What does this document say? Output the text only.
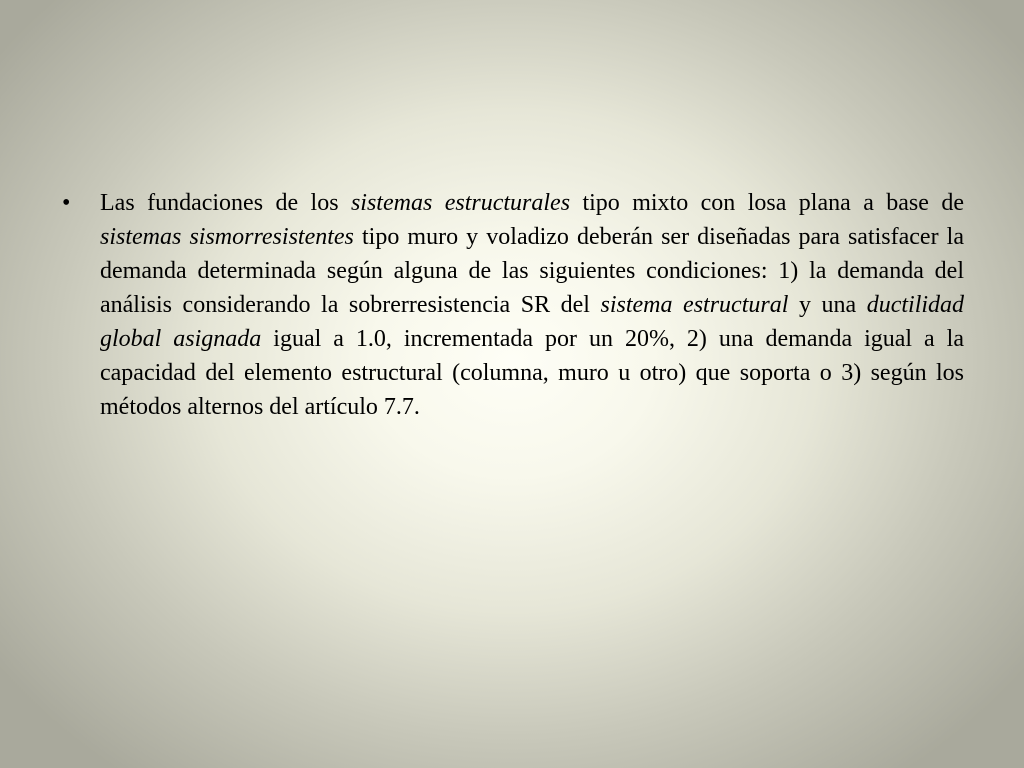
•	Las fundaciones de los sistemas estructurales tipo mixto con losa plana a base de sistemas sismorresistentes tipo muro y voladizo deberán ser diseñadas para satisfacer la demanda determinada según alguna de las siguientes condiciones: 1) la demanda del análisis considerando la sobrerresistencia SR del sistema estructural y una ductilidad global asignada igual a 1.0, incrementada por un 20%, 2) una demanda igual a la capacidad del elemento estructural (columna, muro u otro) que soporta o 3) según los métodos alternos del artículo 7.7.
